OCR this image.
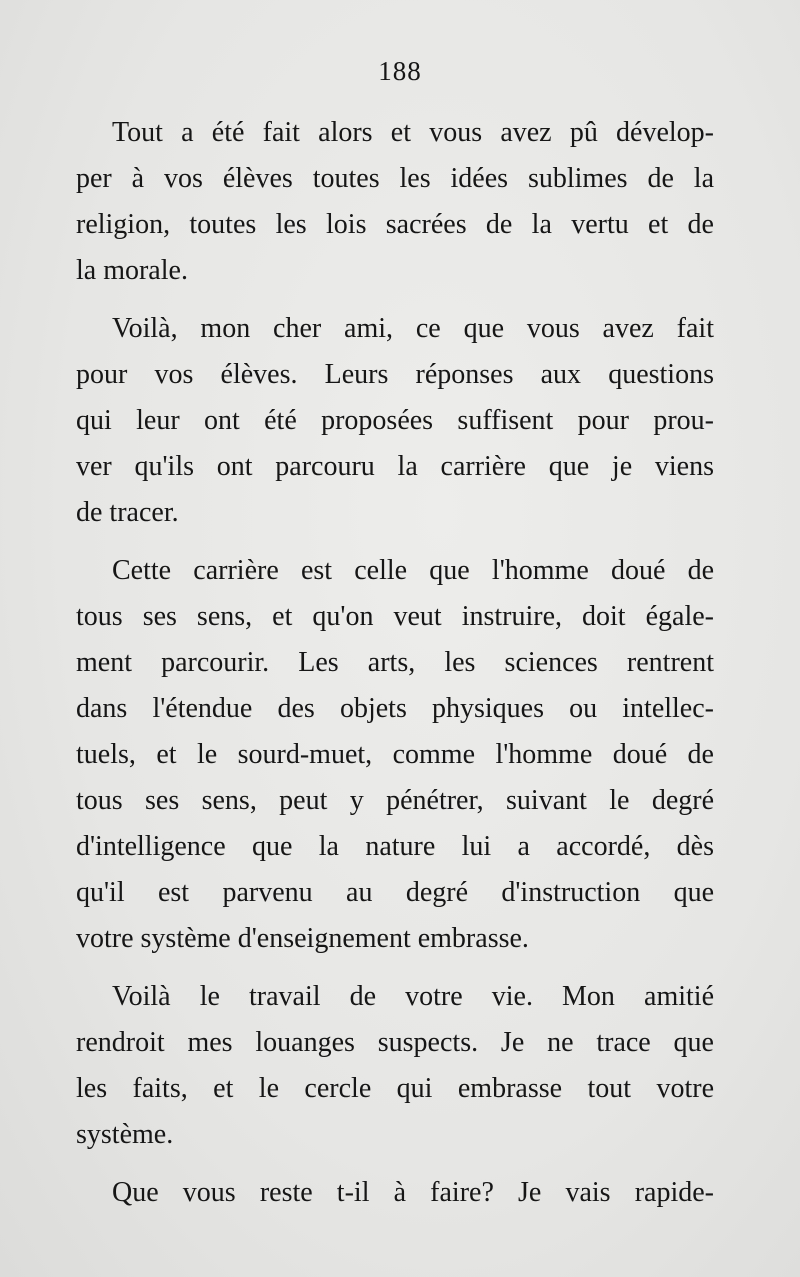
188
Tout a été fait alors et vous avez pû dévelop-
per à vos élèves toutes les idées sublimes de la
religion, toutes les lois sacrées de la vertu et de
la morale.
Voilà, mon cher ami, ce que vous avez fait
pour vos élèves. Leurs réponses aux questions
qui leur ont été proposées suffisent pour prou-
ver qu'ils ont parcouru la carrière que je viens
de tracer.
Cette carrière est celle que l'homme doué de
tous ses sens, et qu'on veut instruire, doit égale-
ment parcourir. Les arts, les sciences rentrent
dans l'étendue des objets physiques ou intellec-
tuels, et le sourd-muet, comme l'homme doué de
tous ses sens, peut y pénétrer, suivant le degré
d'intelligence que la nature lui a accordé, dès
qu'il est parvenu au degré d'instruction que
votre système d'enseignement embrasse.
Voilà le travail de votre vie. Mon amitié
rendroit mes louanges suspects. Je ne trace que
les faits, et le cercle qui embrasse tout votre
système.
Que vous reste t-il à faire? Je vais rapide-
